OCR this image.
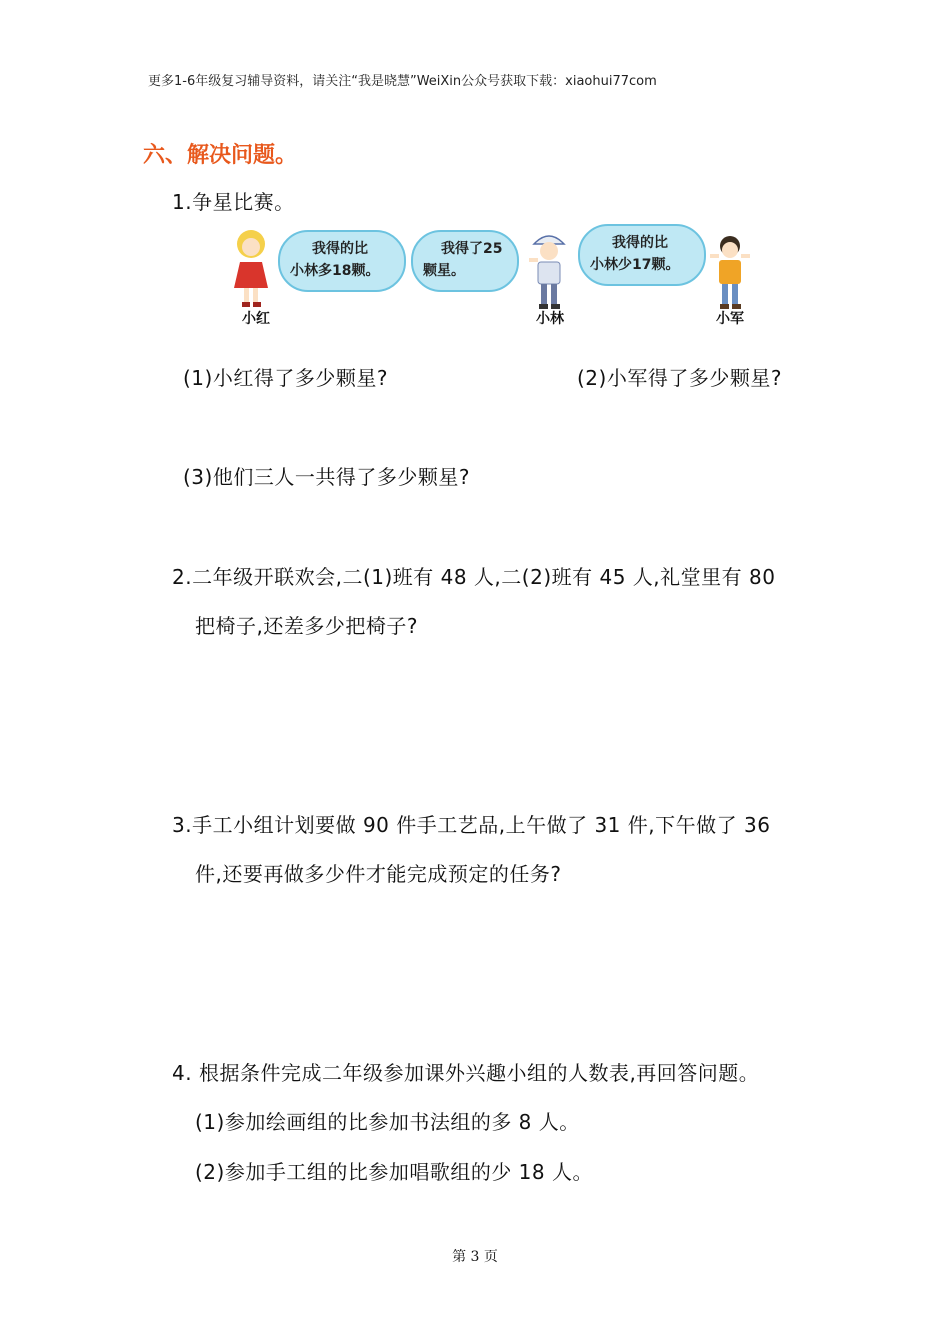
更多1-6年级复习辅导资料，请关注“我是晓慧”WeiXin公众号获取下载：xiaohui77com
六、解决问题。
1.争星比赛。
我得的比
小林多18颗。
我得了25
颗星。
我得的比
小林少17颗。
小红	小林	小军
(1)小红得了多少颗星?	(2)小军得了多少颗星?
(3)他们三人一共得了多少颗星?
2.二年级开联欢会,二(1)班有 48 人,二(2)班有 45 人,礼堂里有 80
把椅子,还差多少把椅子?
3.手工小组计划要做 90 件手工艺品,上午做了 31 件,下午做了 36
件,还要再做多少件才能完成预定的任务?
4. 根据条件完成二年级参加课外兴趣小组的人数表,再回答问题。
(1)参加绘画组的比参加书法组的多 8 人。
(2)参加手工组的比参加唱歌组的少 18 人。
第 3 页
